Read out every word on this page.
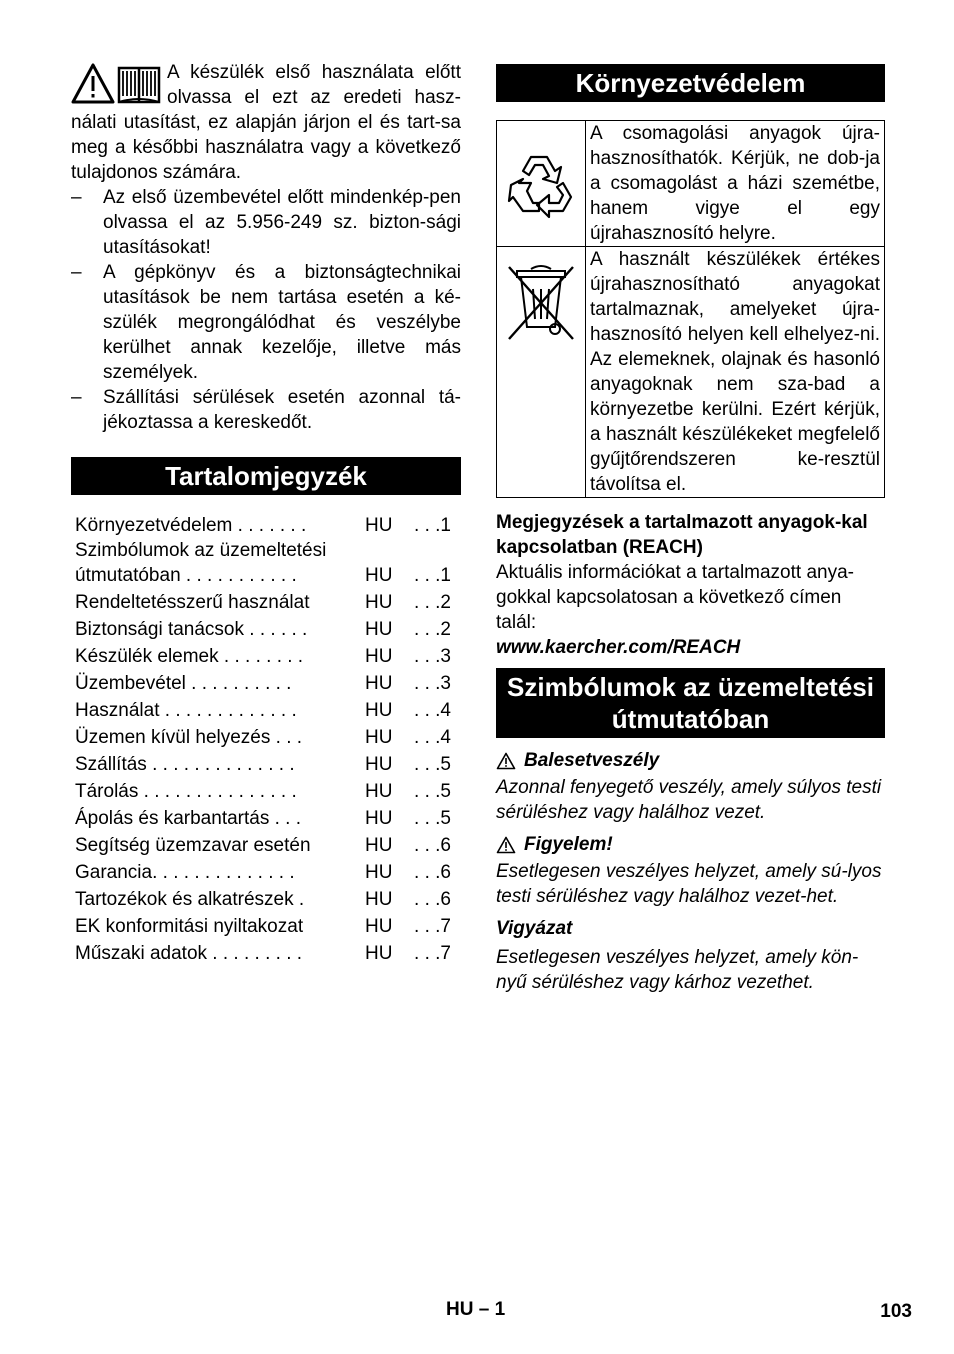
A készülék első használata előtt olvassa el ezt az eredeti hasz-nálati utasítást, ez alapján járjon el és tart-sa meg a későbbi használatra vagy a következő tulajdonos számára.

– Az első üzembevétel előtt mindenkép-pen olvassa el az 5.956-249 sz. bizton-sági utasításokat!
– A gépkönyv és a biztonságtechnikai utasítások be nem tartása esetén a ké-szülék megrongálódhat és veszélybe kerülhet annak kezelője, illetve más személyek.
– Szállítási sérülések esetén azonnal tá-jékoztassa a kereskedőt.
Tartalomjegyzék
Környezetvédelem . . . . . . .	HU	. . .1
Szimbólumok az üzemeltetési		
útmutatóban . . . . . . . . . . .	HU	. . .1
Rendeltetésszerű használat	HU	. . .2
Biztonsági tanácsok . . . . . .	HU	. . .2
Készülék elemek . . . . . . . .	HU	. . .3
Üzembevétel . . . . . . . . . .	HU	. . .3
Használat . . . . . . . . . . . . .	HU	. . .4
Üzemen kívül helyezés . . .	HU	. . .4
Szállítás . . . . . . . . . . . . . .	HU	. . .5
Tárolás . . . . . . . . . . . . . . .	HU	. . .5
Ápolás és karbantartás . . .	HU	. . .5
Segítség üzemzavar esetén	HU	. . .6
Garancia. . . . . . . . . . . . . .	HU	. . .6
Tartozékok és alkatrészek .	HU	. . .6
EK konformitási nyiltakozat	HU	. . .7
Műszaki adatok . . . . . . . . .	HU	. . .7
Környezetvédelem
	A csomagolási anyagok újra-hasznosíthatók. Kérjük, ne dob-ja a csomagolást a házi szemétbe, hanem vigye el egy újrahasznosító helyre.
	A használt készülékek értékes újrahasznosítható anyagokat tartalmaznak, amelyeket újra-hasznosító helyen kell elhelyez-ni. Az elemeknek, olajnak és hasonló anyagoknak nem sza-bad a környezetbe kerülni. Ezért kérjük, a használt készülékeket megfelelő gyűjtőrendszeren ke-resztül távolítsa el.

Megjegyzések a tartalmazott anyagok-kal kapcsolatban (REACH)

Aktuális információkat a tartalmazott anya-gokkal kapcsolatosan a következő címen talál:

www.kaercher.com/REACH

Szimbólumok az üzemeltetési
útmutatóban
Balesetveszély

Azonnal fenyegető veszély, amely súlyos testi sérüléshez vagy halálhoz vezet.

Figyelem!

Esetlegesen veszélyes helyzet, amely sú-lyos testi sérüléshez vagy halálhoz vezet-het.

Vigyázat

Esetlegesen veszélyes helyzet, amely kön-nyű sérüléshez vagy kárhoz vezethet.

HU – 1	103
